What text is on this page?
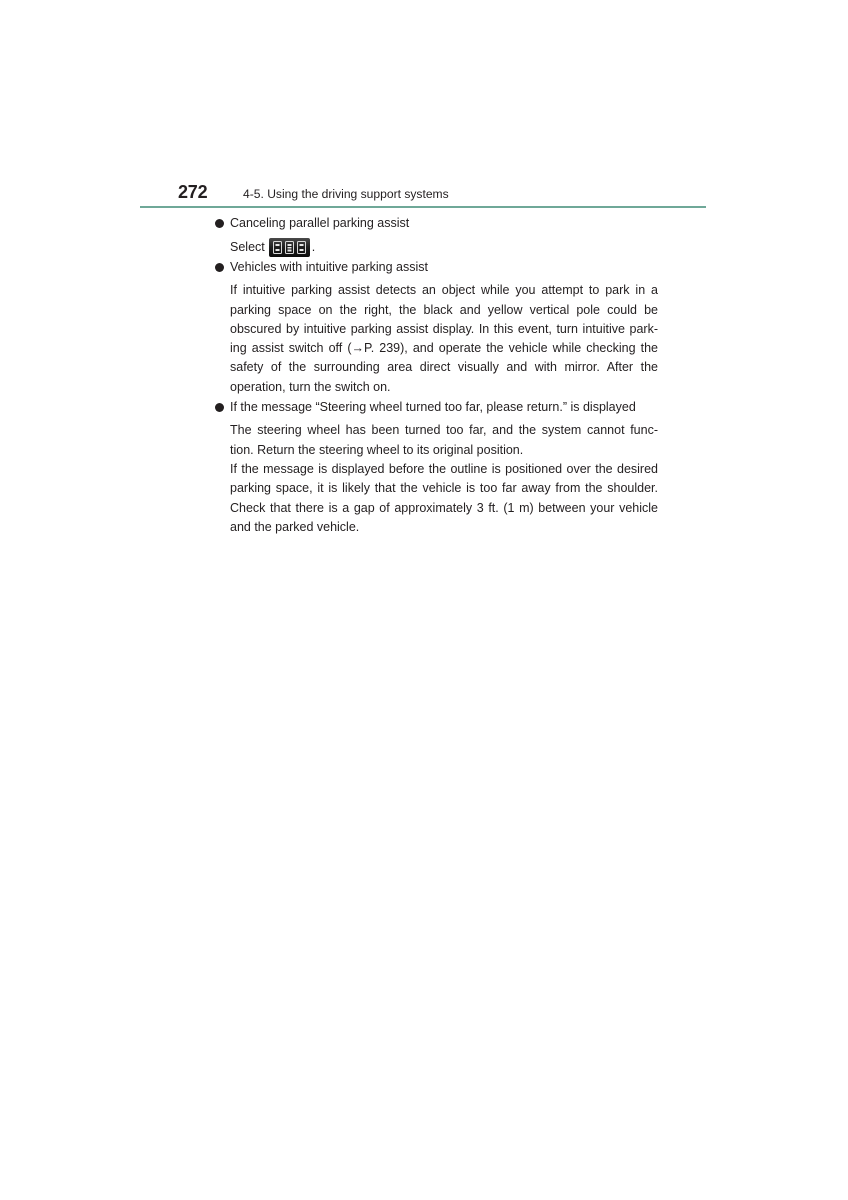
272	4-5. Using the driving support systems
Canceling parallel parking assist
Select	.
Vehicles with intuitive parking assist
If intuitive parking assist detects an object while you attempt to park in a
parking space on the right, the black and yellow vertical pole could be
obscured by intuitive parking assist display. In this event, turn intuitive park-
ing assist switch off (→P. 239), and operate the vehicle while checking the
safety of the surrounding area direct visually and with mirror. After the
operation, turn the switch on.
If the message “Steering wheel turned too far, please return.” is displayed
The steering wheel has been turned too far, and the system cannot func-
tion. Return the steering wheel to its original position.
If the message is displayed before the outline is positioned over the desired
parking space, it is likely that the vehicle is too far away from the shoulder.
Check that there is a gap of approximately 3 ft. (1 m) between your vehicle
and the parked vehicle.
